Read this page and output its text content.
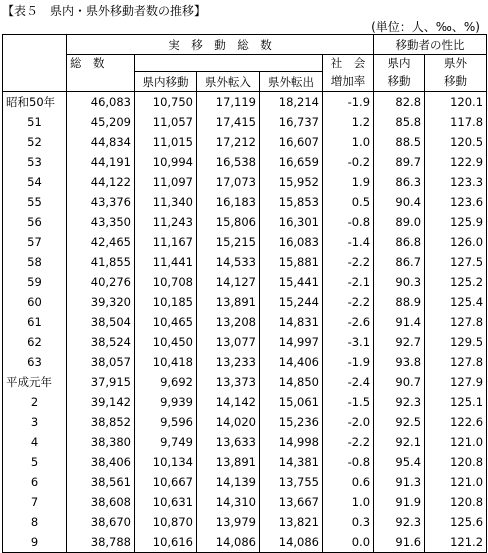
【表５　県内・県外移動者数の推移】
(単位：人、‰、%)
	実　移　動　総　数					移動者の性比	
	総　数				社　会	県内	県外
		県内移動	県外転入	県外転出	増加率	移動	移動
昭和50年	46,083	10,750	17,119	18,214	-1.9	82.8	120.1
51	45,209	11,057	17,415	16,737	1.2	85.8	117.8
52	44,834	11,015	17,212	16,607	1.0	88.5	120.5
53	44,191	10,994	16,538	16,659	-0.2	89.7	122.9
54	44,122	11,097	17,073	15,952	1.9	86.3	123.3
55	43,376	11,340	16,183	15,853	0.5	90.4	123.6
56	43,350	11,243	15,806	16,301	-0.8	89.0	125.9
57	42,465	11,167	15,215	16,083	-1.4	86.8	126.0
58	41,855	11,441	14,533	15,881	-2.2	86.7	127.5
59	40,276	10,708	14,127	15,441	-2.1	90.3	125.2
60	39,320	10,185	13,891	15,244	-2.2	88.9	125.4
61	38,504	10,465	13,208	14,831	-2.6	91.4	127.8
62	38,524	10,450	13,077	14,997	-3.1	92.7	129.5
63	38,057	10,418	13,233	14,406	-1.9	93.8	127.8
平成元年	37,915	9,692	13,373	14,850	-2.4	90.7	127.9
2	39,142	9,939	14,142	15,061	-1.5	92.3	125.1
3	38,852	9,596	14,020	15,236	-2.0	92.5	122.6
4	38,380	9,749	13,633	14,998	-2.2	92.1	121.0
5	38,406	10,134	13,891	14,381	-0.8	95.4	120.8
6	38,561	10,667	14,139	13,755	0.6	91.3	121.0
7	38,608	10,631	14,310	13,667	1.0	91.9	120.8
8	38,670	10,870	13,979	13,821	0.3	92.3	125.6
9	38,788	10,616	14,086	14,086	0.0	91.6	121.2
